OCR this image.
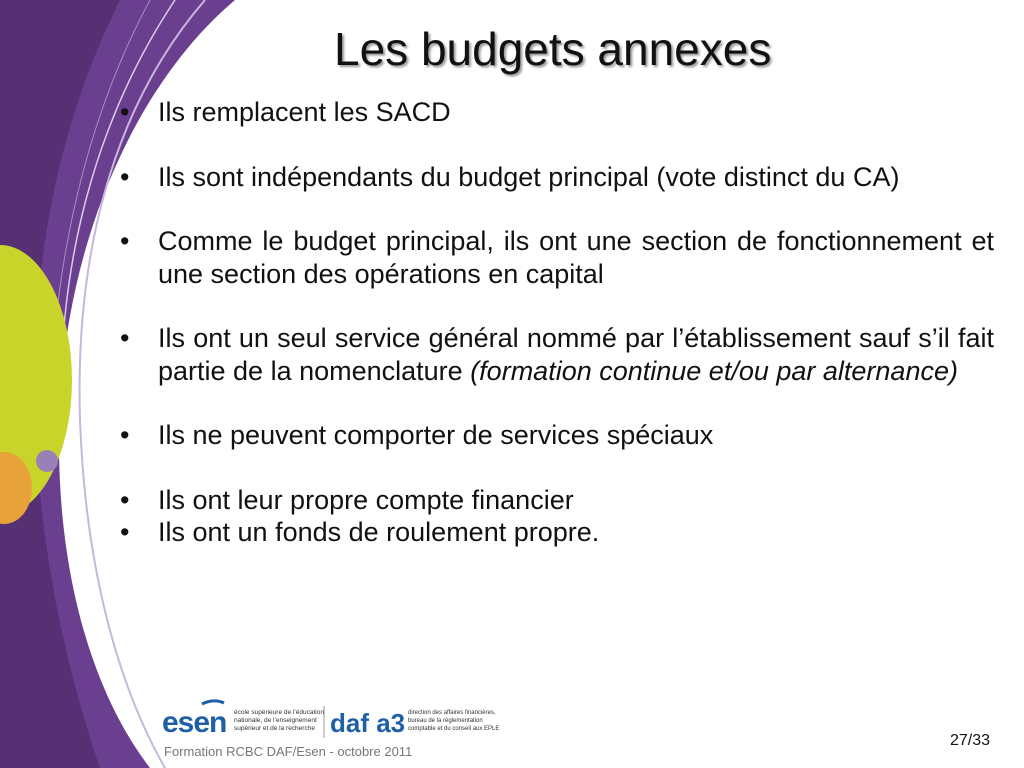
Les budgets annexes
• Ils remplacent les SACD
• Ils sont indépendants du budget principal (vote distinct du CA)
• Comme le budget principal, ils ont une section de fonctionnement et une section des opérations en capital
• Ils ont un seul service général nommé par l’établissement sauf s’il fait partie de la nomenclature (formation continue et/ou par alternance)
• Ils ne peuvent comporter de services spéciaux
• Ils ont leur propre compte financier
• Ils ont un fonds de roulement propre.
esen école supérieure de l’éducation
nationale, de l’enseignement
supérieur et de la recherche daf a3 direction des affaires financières,
bureau de la réglementation
comptable et du conseil aux EPLE
Formation RCBC DAF/Esen - octobre 2011
27/33
